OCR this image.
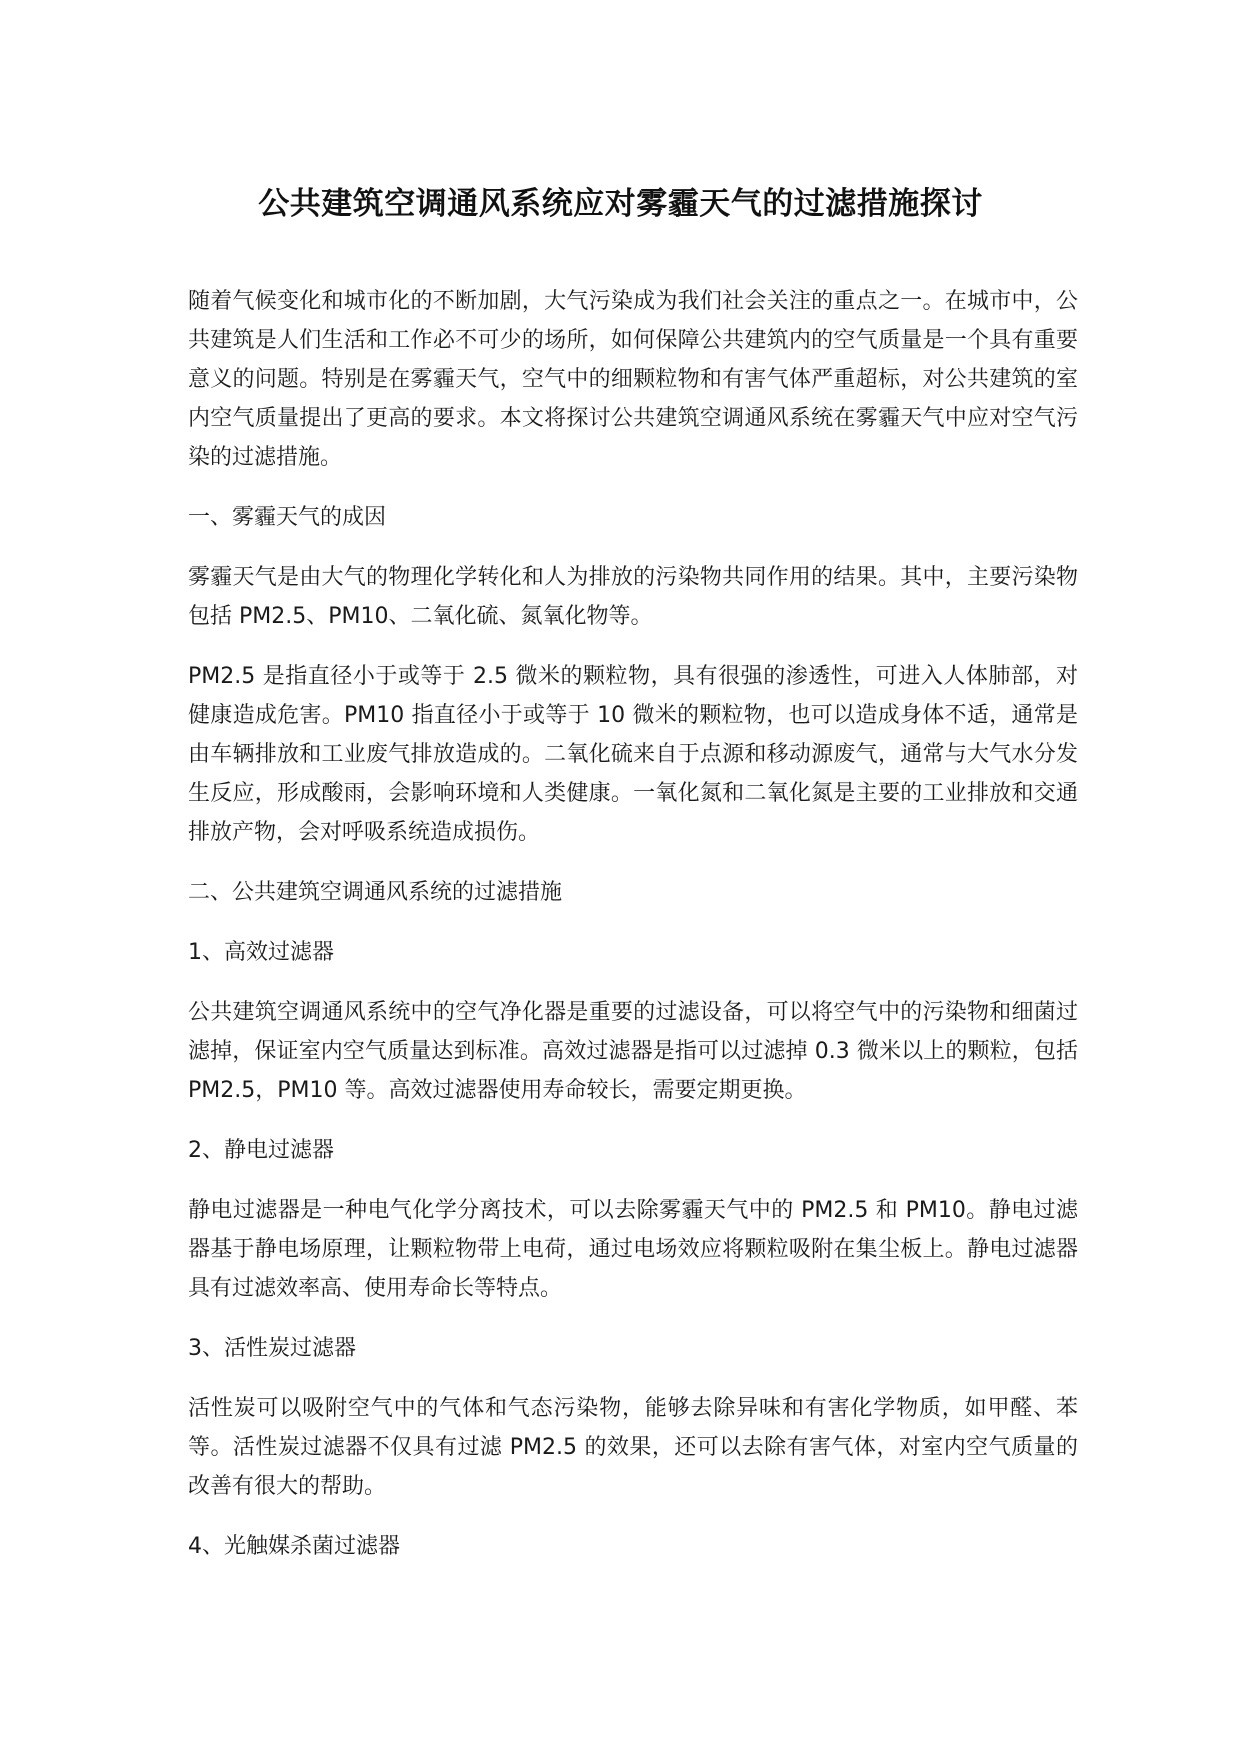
公共建筑空调通风系统应对雾霾天气的过滤措施探讨

随着气候变化和城市化的不断加剧，大气污染成为我们社会关注的重点之一。在城市中，公共建筑是人们生活和工作必不可少的场所，如何保障公共建筑内的空气质量是一个具有重要意义的问题。特别是在雾霾天气，空气中的细颗粒物和有害气体严重超标，对公共建筑的室内空气质量提出了更高的要求。本文将探讨公共建筑空调通风系统在雾霾天气中应对空气污染的过滤措施。

一、雾霾天气的成因

雾霾天气是由大气的物理化学转化和人为排放的污染物共同作用的结果。其中，主要污染物包括 PM2.5、PM10、二氧化硫、氮氧化物等。

PM2.5 是指直径小于或等于 2.5 微米的颗粒物，具有很强的渗透性，可进入人体肺部，对健康造成危害。PM10 指直径小于或等于 10 微米的颗粒物，也可以造成身体不适，通常是由车辆排放和工业废气排放造成的。二氧化硫来自于点源和移动源废气，通常与大气水分发生反应，形成酸雨，会影响环境和人类健康。一氧化氮和二氧化氮是主要的工业排放和交通排放产物，会对呼吸系统造成损伤。

二、公共建筑空调通风系统的过滤措施

1、高效过滤器

公共建筑空调通风系统中的空气净化器是重要的过滤设备，可以将空气中的污染物和细菌过滤掉，保证室内空气质量达到标准。高效过滤器是指可以过滤掉 0.3 微米以上的颗粒，包括 PM2.5，PM10 等。高效过滤器使用寿命较长，需要定期更换。

2、静电过滤器

静电过滤器是一种电气化学分离技术，可以去除雾霾天气中的 PM2.5 和 PM10。静电过滤器基于静电场原理，让颗粒物带上电荷，通过电场效应将颗粒吸附在集尘板上。静电过滤器具有过滤效率高、使用寿命长等特点。

3、活性炭过滤器

活性炭可以吸附空气中的气体和气态污染物，能够去除异味和有害化学物质，如甲醛、苯等。活性炭过滤器不仅具有过滤 PM2.5 的效果，还可以去除有害气体，对室内空气质量的改善有很大的帮助。

4、光触媒杀菌过滤器
